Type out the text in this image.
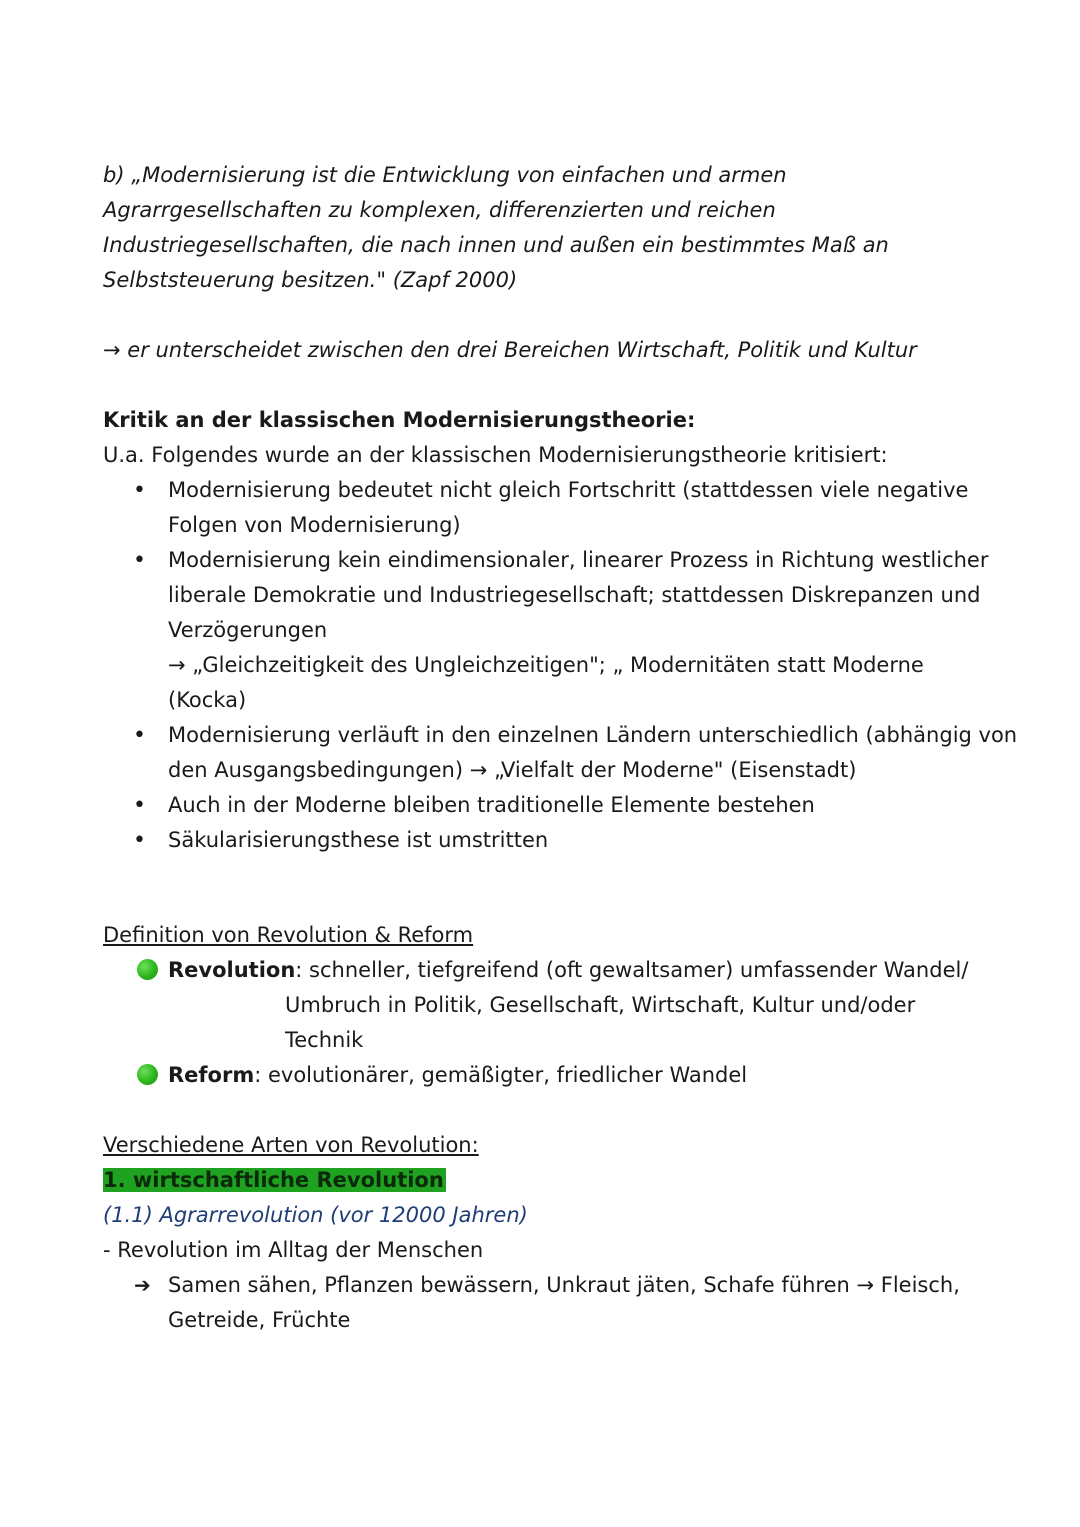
b) „Modernisierung ist die Entwicklung von einfachen und armen
Agrarrgesellschaften zu komplexen, differenzierten und reichen
Industriegesellschaften, die nach innen und außen ein bestimmtes Maß an
Selbststeuerung besitzen." (Zapf 2000)
→ er unterscheidet zwischen den drei Bereichen Wirtschaft, Politik und Kultur
Kritik an der klassischen Modernisierungstheorie:
U.a. Folgendes wurde an der klassischen Modernisierungstheorie kritisiert:
• Modernisierung bedeutet nicht gleich Fortschritt (stattdessen viele negative
Folgen von Modernisierung)
• Modernisierung kein eindimensionaler, linearer Prozess in Richtung westlicher
liberale Demokratie und Industriegesellschaft; stattdessen Diskrepanzen und
Verzögerungen
→ „Gleichzeitigkeit des Ungleichzeitigen"; „ Modernitäten statt Moderne
(Kocka)
• Modernisierung verläuft in den einzelnen Ländern unterschiedlich (abhängig von
den Ausgangsbedingungen) → „Vielfalt der Moderne" (Eisenstadt)
• Auch in der Moderne bleiben traditionelle Elemente bestehen
• Säkularisierungsthese ist umstritten
Definition von Revolution & Reform
Revolution: schneller, tiefgreifend (oft gewaltsamer) umfassender Wandel/
Umbruch in Politik, Gesellschaft, Wirtschaft, Kultur und/oder
Technik
Reform: evolutionärer, gemäßigter, friedlicher Wandel
Verschiedene Arten von Revolution:
1. wirtschaftliche Revolution
(1.1) Agrarrevolution (vor 12000 Jahren)
- Revolution im Alltag der Menschen
➔ Samen sähen, Pflanzen bewässern, Unkraut jäten, Schafe führen → Fleisch,
Getreide, Früchte
